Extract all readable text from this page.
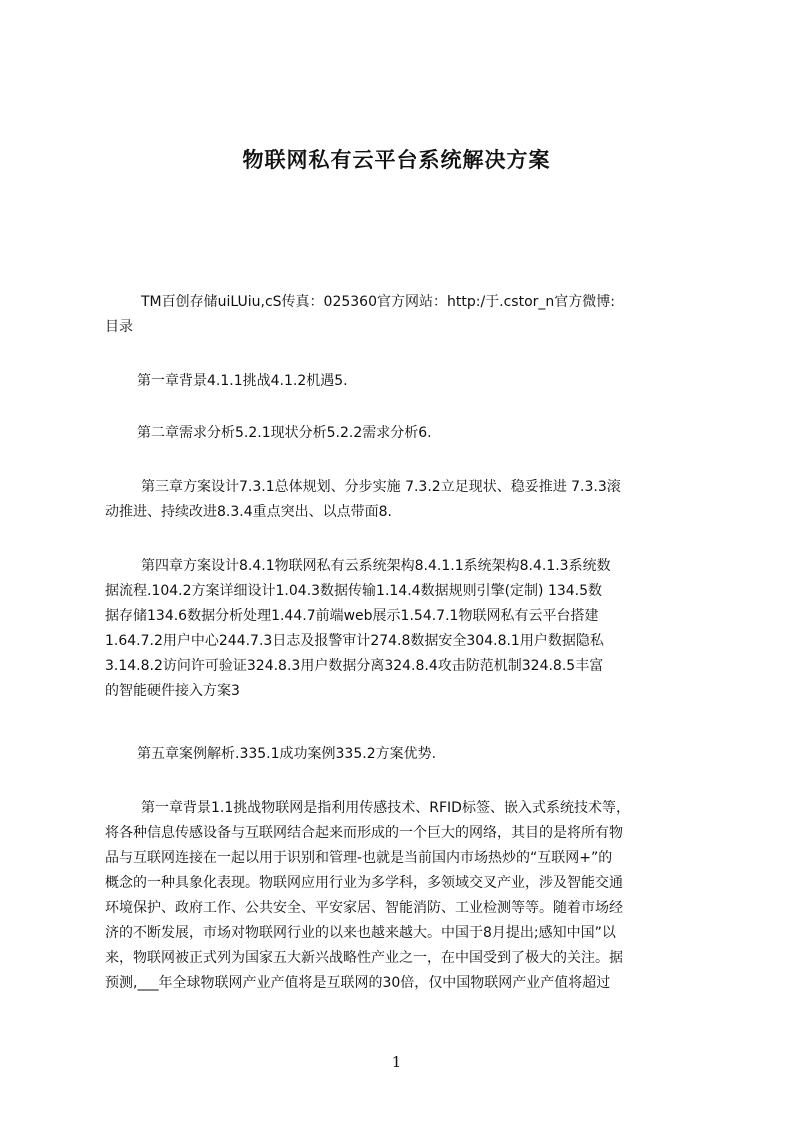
物联网私有云平台系统解决方案
TM百创存储uiLUiu,cS传真：025360官方网站：http:/于.cstor_n官方微博:
目录
第一章背景4.1.1挑战4.1.2机遇5.
第二章需求分析5.2.1现状分析5.2.2需求分析6.
第三章方案设计7.3.1总体规划、分步实施 7.3.2立足现状、稳妥推进 7.3.3滚
动推进、持续改进8.3.4重点突出、以点带面8.
第四章方案设计8.4.1物联网私有云系统架构8.4.1.1系统架构8.4.1.3系统数
据流程.104.2方案详细设计1.04.3数据传输1.14.4数据规则引擎(定制) 134.5数
据存储134.6数据分析处理1.44.7前端web展示1.54.7.1物联网私有云平台搭建
1.64.7.2用户中心244.7.3日志及报警审计274.8数据安全304.8.1用户数据隐私
3.14.8.2访问许可验证324.8.3用户数据分离324.8.4攻击防范机制324.8.5丰富
的智能硬件接入方案3
第五章案例解析.335.1成功案例335.2方案优势.
第一章背景1.1挑战物联网是指利用传感技术、RFID标签、嵌入式系统技术等，
将各种信息传感设备与互联网结合起来而形成的一个巨大的网络，其目的是将所有物
品与互联网连接在一起以用于识别和管理-也就是当前国内市场热炒的“互联网+”的
概念的一种具象化表现。物联网应用行业为多学科，多领域交叉产业，涉及智能交通
环境保护、政府工作、公共安全、平安家居、智能消防、工业检测等等。随着市场经
济的不断发展，市场对物联网行业的以来也越来越大。中国于8月提出;感知中国”以
来，物联网被正式列为国家五大新兴战略性产业之一，在中国受到了极大的关注。据
预测,___年全球物联网产业产值将是互联网的30倍，仅中国物联网产业产值将超过
1
